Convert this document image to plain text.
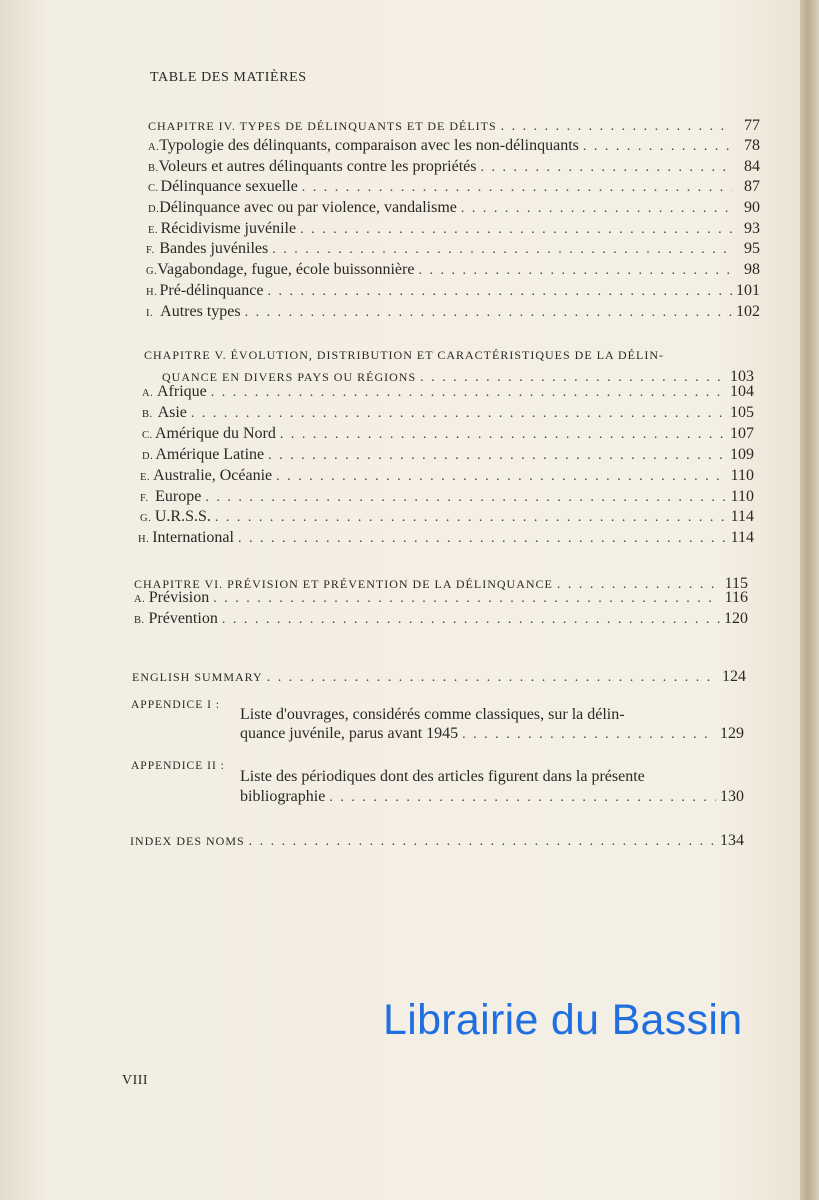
TABLE DES MATIÈRES
CHAPITRE IV. TYPES DE DÉLINQUANTS ET DE DÉLITS . . .	77
A. Typologie des délinquants, comparaison avec les non-délinquants . . .	78
B. Voleurs et autres délinquants contre les propriétés . . .	84
C. Délinquance sexuelle . . .	87
D. Délinquance avec ou par violence, vandalisme . . .	90
E. Récidivisme juvénile . . .	93
F. Bandes juvéniles . . .	95
G. Vagabondage, fugue, école buissonnière . . .	98
H. Pré-délinquance . . .	101
I. Autres types . . .	102
CHAPITRE V. ÉVOLUTION, DISTRIBUTION ET CARACTÉRISTIQUES DE LA DÉLIN-
QUANCE EN DIVERS PAYS OU RÉGIONS . . .	103
A. Afrique . . .	104
B. Asie . . .	105
C. Amérique du Nord . . .	107
D. Amérique Latine . . .	109
E. Australie, Océanie . . .	110
F. Europe . . .	110
G. U.R.S.S. . . .	114
H. International . . .	114
CHAPITRE VI. PRÉVISION ET PRÉVENTION DE LA DÉLINQUANCE . . .	115
A. Prévision . . .	116
B. Prévention . . .	120
ENGLISH SUMMARY . . .	124
APPENDICE I :
Liste d'ouvrages, considérés comme classiques, sur la délin-
quance juvénile, parus avant 1945 . . .	129
APPENDICE II :
Liste des périodiques dont des articles figurent dans la présente
bibliographie . . .	130
INDEX DES NOMS . . .	134
Librairie du Bassin
VIII
